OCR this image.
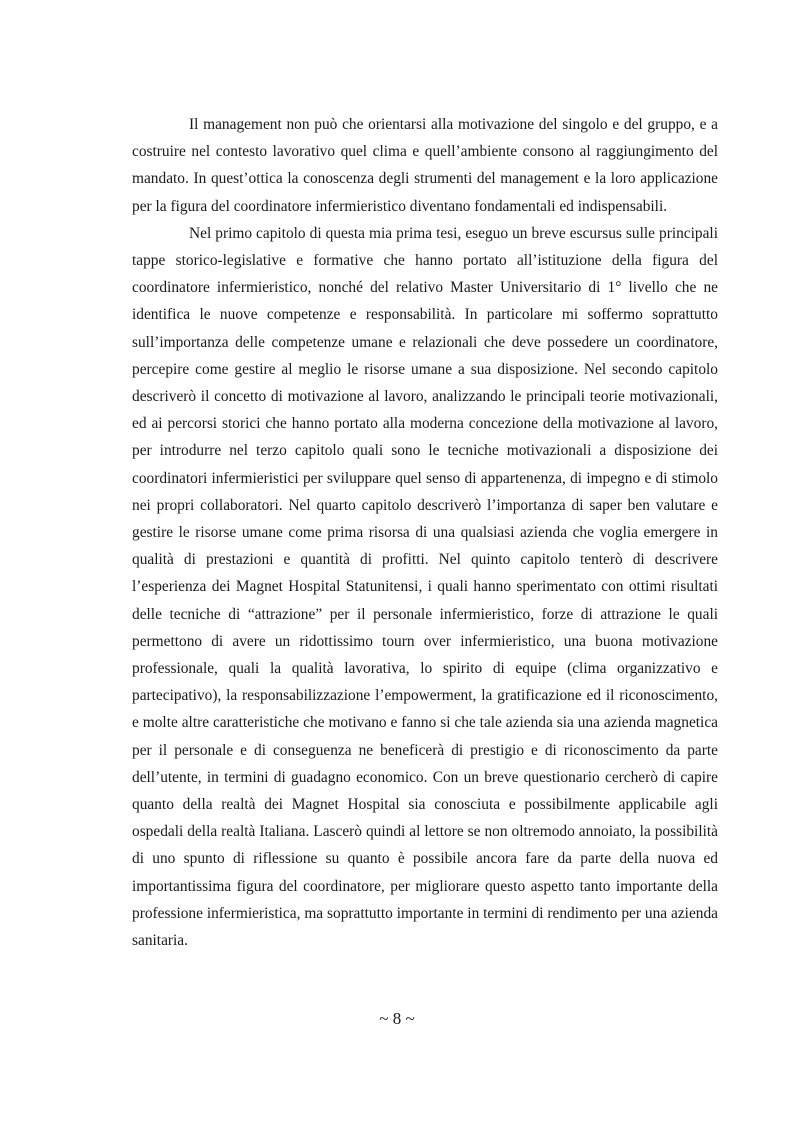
Il management non può che orientarsi alla motivazione del singolo e del gruppo, e a costruire nel contesto lavorativo quel clima e quell’ambiente consono al raggiungimento del mandato. In quest’ottica la conoscenza degli strumenti del management e la loro applicazione per la figura del coordinatore infermieristico diventano fondamentali ed indispensabili.

Nel primo capitolo di questa mia prima tesi, eseguo un breve escursus sulle principali tappe storico-legislative e formative che hanno portato all’istituzione della figura del coordinatore infermieristico, nonché del relativo Master Universitario di 1° livello che ne identifica le nuove competenze e responsabilità. In particolare mi soffermo soprattutto sull’importanza delle competenze umane e relazionali che deve possedere un coordinatore, percepire come gestire al meglio le risorse umane a sua disposizione. Nel secondo capitolo descriverò il concetto di motivazione al lavoro, analizzando le principali teorie motivazionali, ed ai percorsi storici che hanno portato alla moderna concezione della motivazione al lavoro, per introdurre nel terzo capitolo quali sono le tecniche motivazionali a disposizione dei coordinatori infermieristici per sviluppare quel senso di appartenenza, di impegno e di stimolo nei propri collaboratori. Nel quarto capitolo descriverò l’importanza di saper ben valutare e gestire le risorse umane come prima risorsa di una qualsiasi azienda che voglia emergere in qualità di prestazioni e quantità di profitti. Nel quinto capitolo tenterò di descrivere l’esperienza dei Magnet Hospital Statunitensi, i quali hanno sperimentato con ottimi risultati delle tecniche di “attrazione” per il personale infermieristico, forze di attrazione le quali permettono di avere un ridottissimo tourn over infermieristico, una buona motivazione professionale, quali la qualità lavorativa, lo spirito di equipe (clima organizzativo e partecipativo), la responsabilizzazione l’empowerment, la gratificazione ed il riconoscimento, e molte altre caratteristiche che motivano e fanno si che tale azienda sia una azienda magnetica per il personale e di conseguenza ne beneficerà di prestigio e di riconoscimento da parte dell’utente, in termini di guadagno economico. Con un breve questionario cercherò di capire quanto della realtà dei Magnet Hospital sia conosciuta e possibilmente applicabile agli ospedali della realtà Italiana. Lascerò quindi al lettore se non oltremodo annoiato, la possibilità di uno spunto di riflessione su quanto è possibile ancora fare da parte della nuova ed importantissima figura del coordinatore, per migliorare questo aspetto tanto importante della professione infermieristica, ma soprattutto importante in termini di rendimento per una azienda sanitaria.

~ 8 ~
